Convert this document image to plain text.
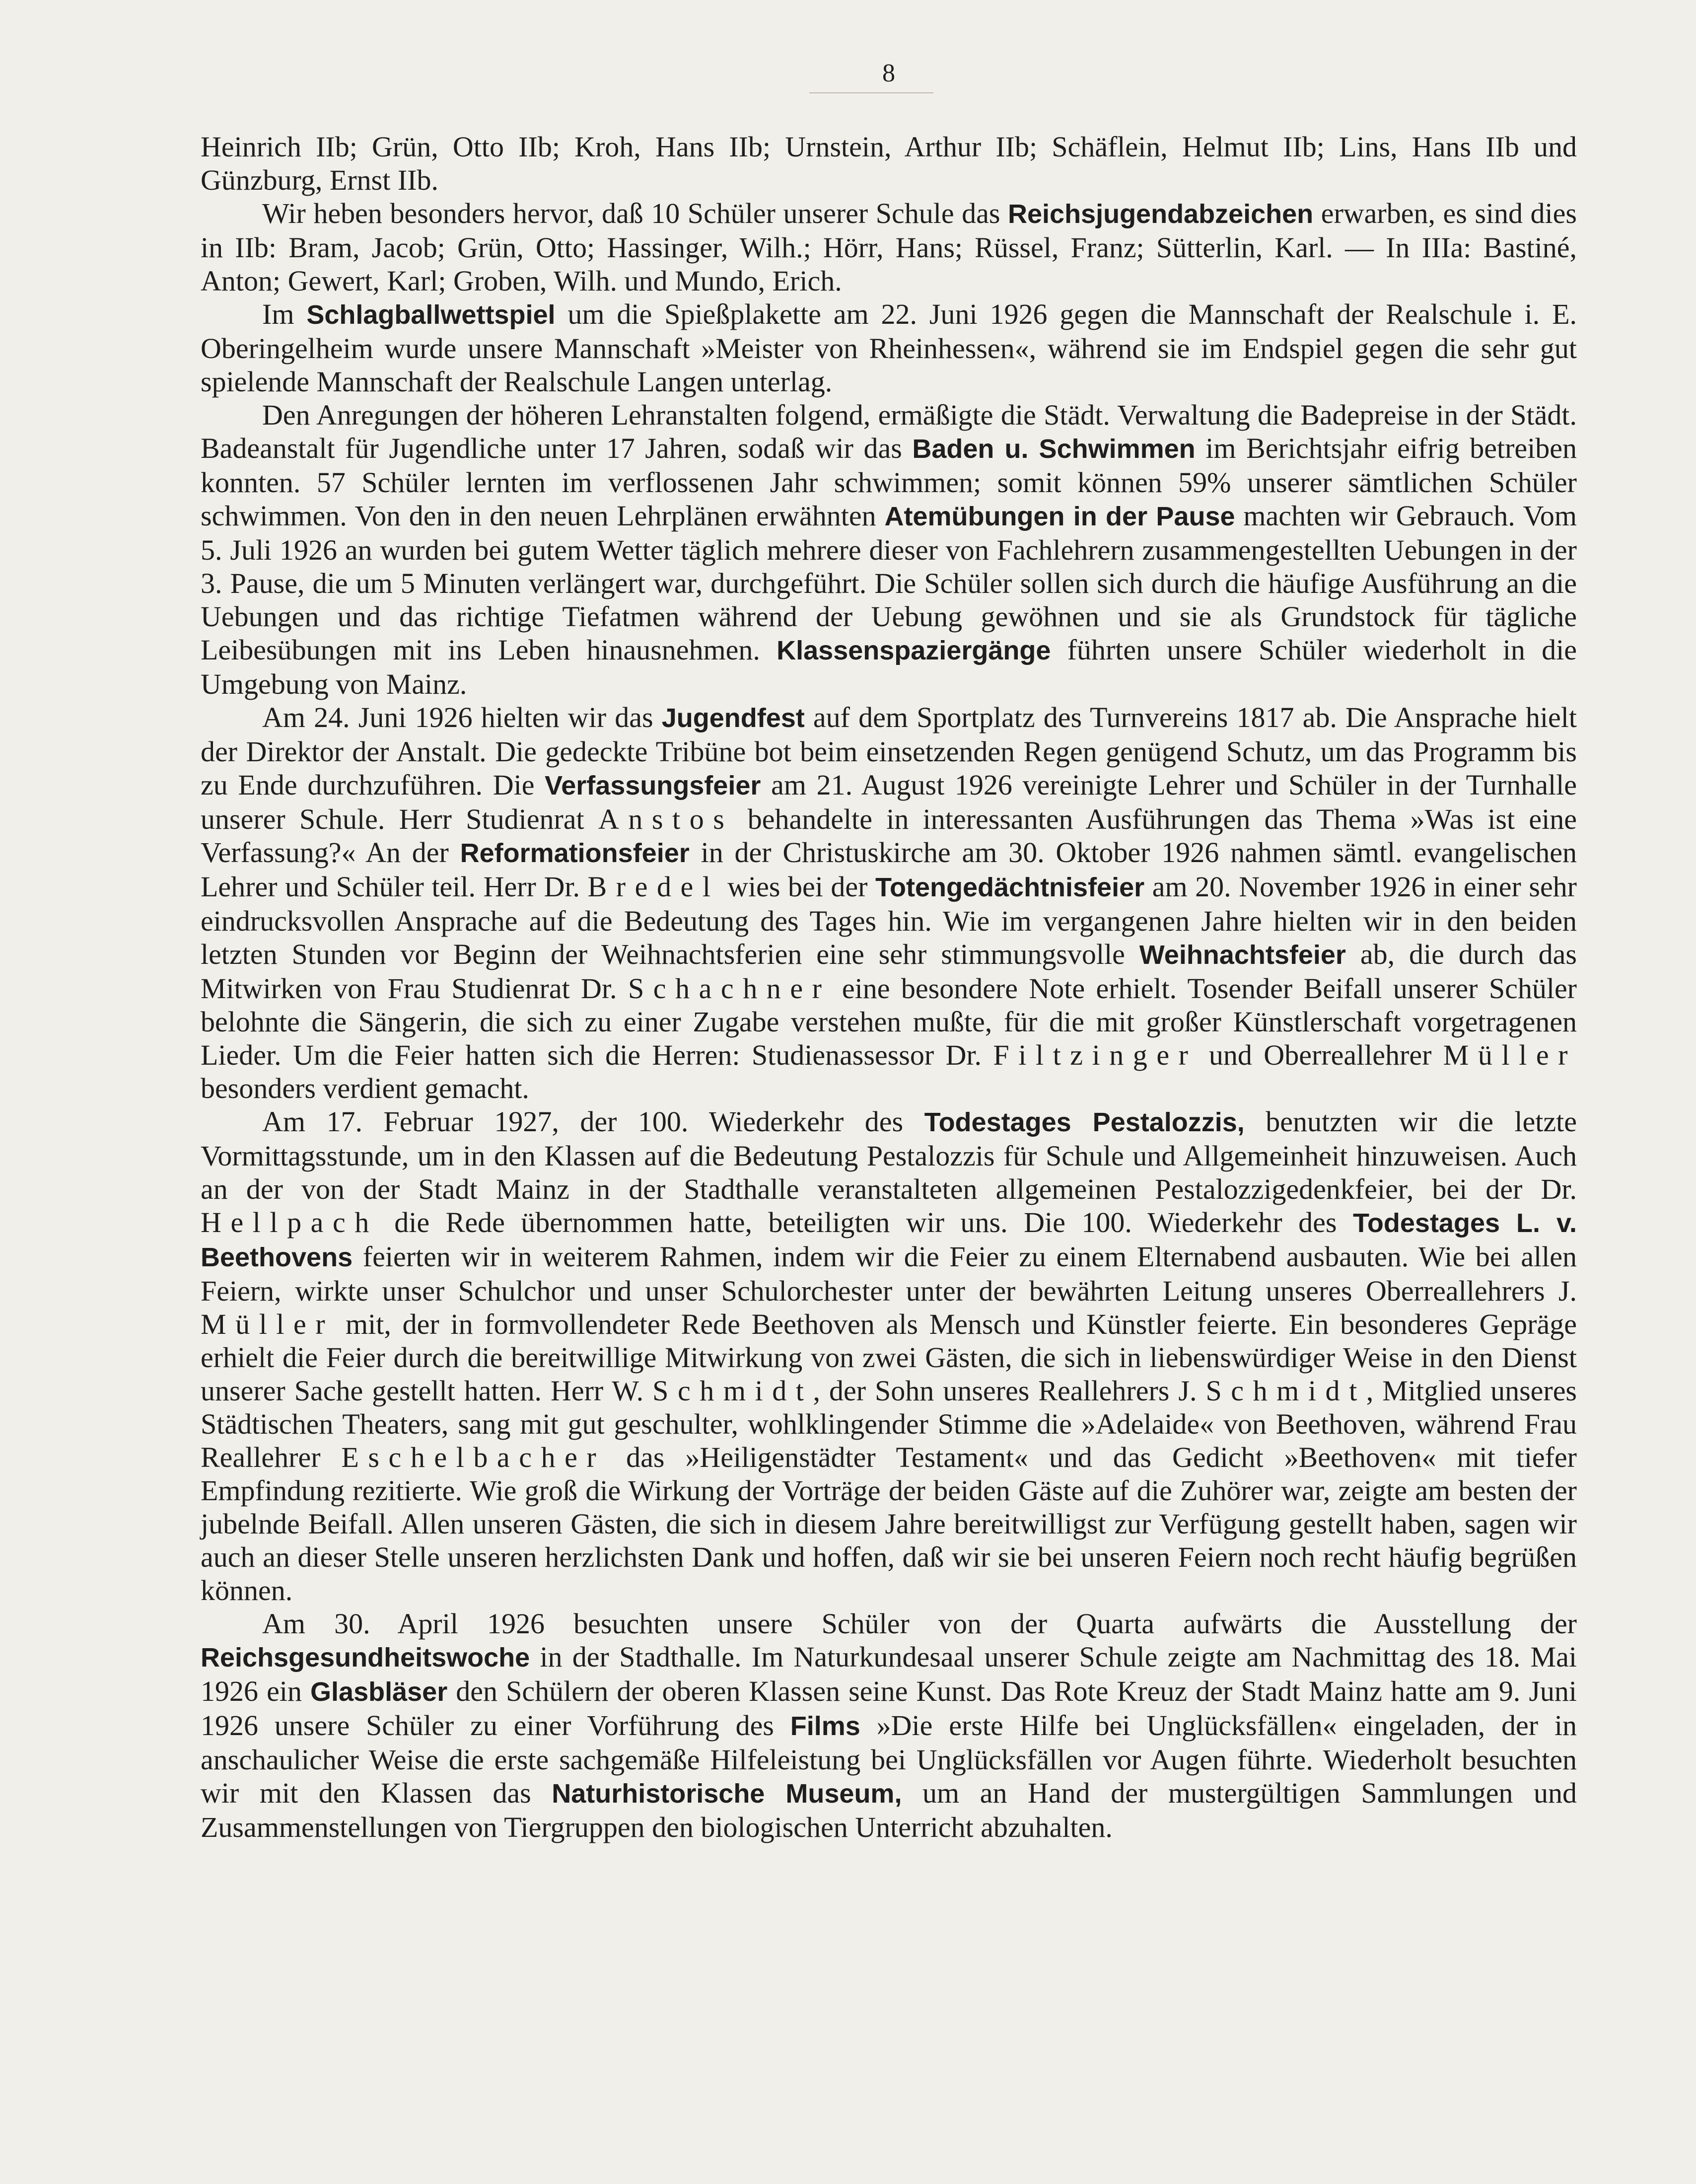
8

Heinrich IIb; Grün, Otto IIb; Kroh, Hans IIb; Urnstein, Arthur IIb; Schäflein, Helmut IIb; Lins, Hans IIb und Günzburg, Ernst IIb.

Wir heben besonders hervor, daß 10 Schüler unserer Schule das Reichsjugendabzeichen erwarben, es sind dies in IIb: Bram, Jacob; Grün, Otto; Hassinger, Wilh.; Hörr, Hans; Rüssel, Franz; Sütterlin, Karl. — In IIIa: Bastiné, Anton; Gewert, Karl; Groben, Wilh. und Mundo, Erich.

Im Schlagballwettspiel um die Spießplakette am 22. Juni 1926 gegen die Mannschaft der Realschule i. E. Oberingelheim wurde unsere Mannschaft »Meister von Rheinhessen«, während sie im Endspiel gegen die sehr gut spielende Mannschaft der Realschule Langen unterlag.

Den Anregungen der höheren Lehranstalten folgend, ermäßigte die Städt. Verwaltung die Badepreise in der Städt. Badeanstalt für Jugendliche unter 17 Jahren, sodaß wir das Baden u. Schwimmen im Berichtsjahr eifrig betreiben konnten. 57 Schüler lernten im verflossenen Jahr schwimmen; somit können 59% unserer sämtlichen Schüler schwimmen. Von den in den neuen Lehrplänen erwähnten Atemübungen in der Pause machten wir Gebrauch. Vom 5. Juli 1926 an wurden bei gutem Wetter täglich mehrere dieser von Fachlehrern zusammengestellten Uebungen in der 3. Pause, die um 5 Minuten verlängert war, durchgeführt. Die Schüler sollen sich durch die häufige Ausführung an die Uebungen und das richtige Tiefatmen während der Uebung gewöhnen und sie als Grundstock für tägliche Leibesübungen mit ins Leben hinausnehmen. Klassenspaziergänge führten unsere Schüler wiederholt in die Umgebung von Mainz.

Am 24. Juni 1926 hielten wir das Jugendfest auf dem Sportplatz des Turnvereins 1817 ab. Die Ansprache hielt der Direktor der Anstalt. Die gedeckte Tribüne bot beim einsetzenden Regen genügend Schutz, um das Programm bis zu Ende durchzuführen. Die Verfassungsfeier am 21. August 1926 vereinigte Lehrer und Schüler in der Turnhalle unserer Schule. Herr Studienrat Anstos behandelte in interessanten Ausführungen das Thema »Was ist eine Verfassung?« An der Reformationsfeier in der Christuskirche am 30. Oktober 1926 nahmen sämtl. evangelischen Lehrer und Schüler teil. Herr Dr. Bredel wies bei der Totengedächtnisfeier am 20. November 1926 in einer sehr eindrucksvollen Ansprache auf die Bedeutung des Tages hin. Wie im vergangenen Jahre hielten wir in den beiden letzten Stunden vor Beginn der Weihnachtsferien eine sehr stimmungsvolle Weihnachtsfeier ab, die durch das Mitwirken von Frau Studienrat Dr. Schachner eine besondere Note erhielt. Tosender Beifall unserer Schüler belohnte die Sängerin, die sich zu einer Zugabe verstehen mußte, für die mit großer Künstlerschaft vorgetragenen Lieder. Um die Feier hatten sich die Herren: Studienassessor Dr. Filtzinger und Oberreallehrer Müller besonders verdient gemacht.

Am 17. Februar 1927, der 100. Wiederkehr des Todestages Pestalozzis, benutzten wir die letzte Vormittagsstunde, um in den Klassen auf die Bedeutung Pestalozzis für Schule und Allgemeinheit hinzuweisen. Auch an der von der Stadt Mainz in der Stadthalle veranstalteten allgemeinen Pestalozzigedenkfeier, bei der Dr. Hellpach die Rede übernommen hatte, beteiligten wir uns. Die 100. Wiederkehr des Todestages L. v. Beethovens feierten wir in weiterem Rahmen, indem wir die Feier zu einem Elternabend ausbauten. Wie bei allen Feiern, wirkte unser Schulchor und unser Schulorchester unter der bewährten Leitung unseres Oberreallehrers J. Müller mit, der in formvollendeter Rede Beethoven als Mensch und Künstler feierte. Ein besonderes Gepräge erhielt die Feier durch die bereitwillige Mitwirkung von zwei Gästen, die sich in liebenswürdiger Weise in den Dienst unserer Sache gestellt hatten. Herr W. Schmidt, der Sohn unseres Reallehrers J. Schmidt, Mitglied unseres Städtischen Theaters, sang mit gut geschulter, wohlklingender Stimme die »Adelaide« von Beethoven, während Frau Reallehrer Eschelbacher das »Heiligenstädter Testament« und das Gedicht »Beethoven« mit tiefer Empfindung rezitierte. Wie groß die Wirkung der Vorträge der beiden Gäste auf die Zuhörer war, zeigte am besten der jubelnde Beifall. Allen unseren Gästen, die sich in diesem Jahre bereitwilligst zur Verfügung gestellt haben, sagen wir auch an dieser Stelle unseren herzlichsten Dank und hoffen, daß wir sie bei unseren Feiern noch recht häufig begrüßen können.

Am 30. April 1926 besuchten unsere Schüler von der Quarta aufwärts die Ausstellung der Reichsgesundheitswoche in der Stadthalle. Im Naturkundesaal unserer Schule zeigte am Nachmittag des 18. Mai 1926 ein Glasbläser den Schülern der oberen Klassen seine Kunst. Das Rote Kreuz der Stadt Mainz hatte am 9. Juni 1926 unsere Schüler zu einer Vorführung des Films »Die erste Hilfe bei Unglücksfällen« eingeladen, der in anschaulicher Weise die erste sachgemäße Hilfeleistung bei Unglücksfällen vor Augen führte. Wiederholt besuchten wir mit den Klassen das Naturhistorische Museum, um an Hand der mustergültigen Sammlungen und Zusammenstellungen von Tiergruppen den biologischen Unterricht abzuhalten.
